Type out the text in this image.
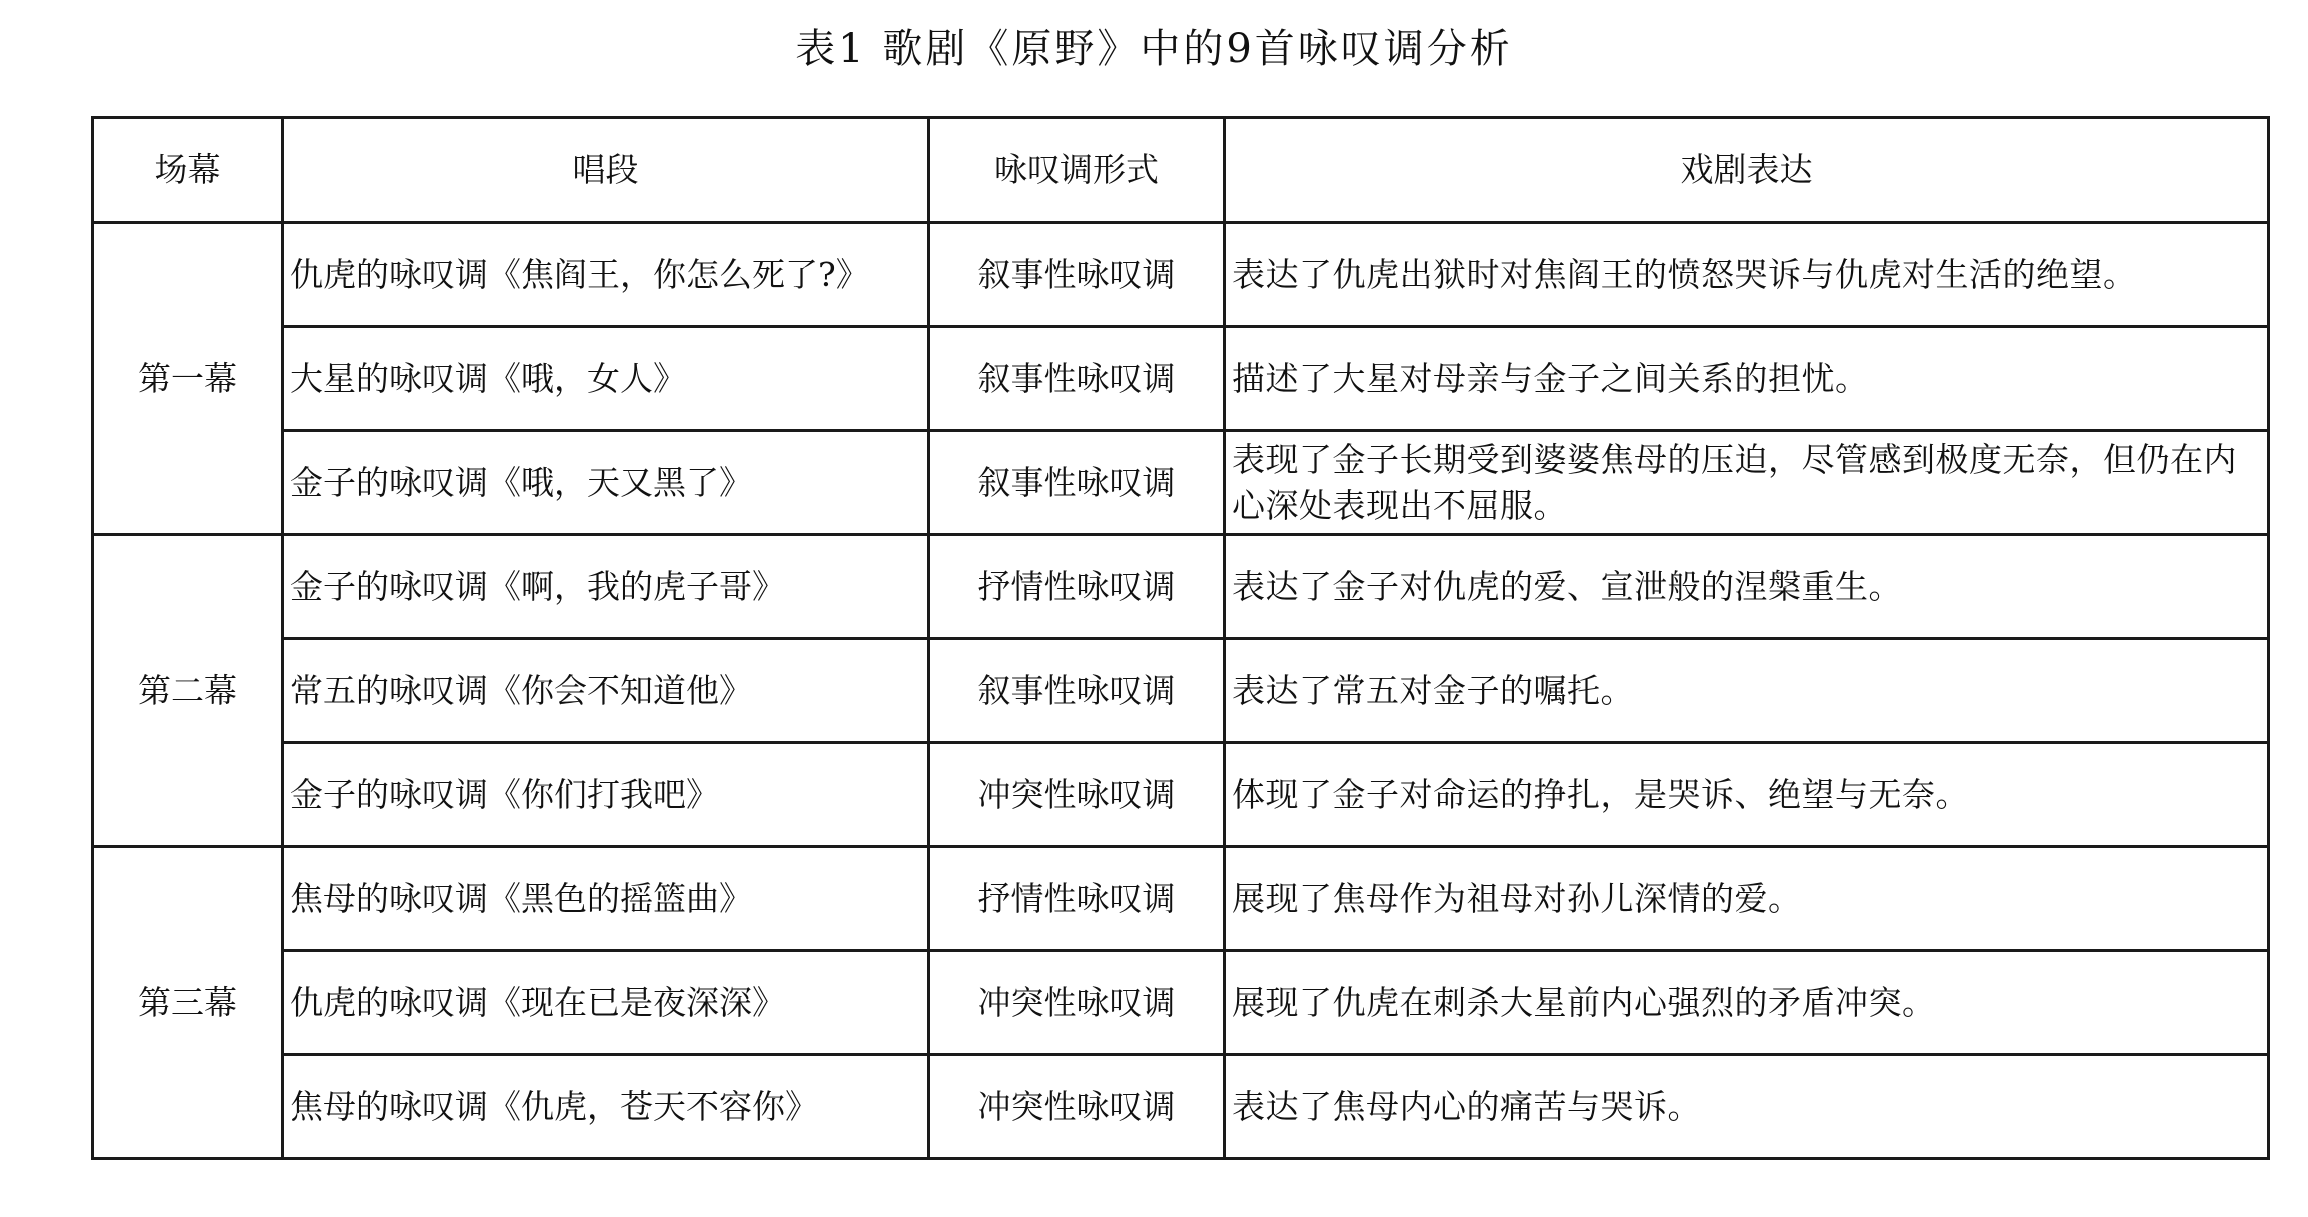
表1 歌剧《原野》中的9首咏叹调分析
场幕	唱段	咏叹调形式	戏剧表达
第一幕	仇虎的咏叹调《焦阎王，你怎么死了?》	叙事性咏叹调	表达了仇虎出狱时对焦阎王的愤怒哭诉与仇虎对生活的绝望。
	大星的咏叹调《哦，女人》	叙事性咏叹调	描述了大星对母亲与金子之间关系的担忧。
	金子的咏叹调《哦，天又黑了》	叙事性咏叹调	表现了金子长期受到婆婆焦母的压迫，尽管感到极度无奈，但仍在内心深处表现出不屈服。
第二幕	金子的咏叹调《啊，我的虎子哥》	抒情性咏叹调	表达了金子对仇虎的爱、宣泄般的涅槃重生。
	常五的咏叹调《你会不知道他》	叙事性咏叹调	表达了常五对金子的嘱托。
	金子的咏叹调《你们打我吧》	冲突性咏叹调	体现了金子对命运的挣扎，是哭诉、绝望与无奈。
第三幕	焦母的咏叹调《黑色的摇篮曲》	抒情性咏叹调	展现了焦母作为祖母对孙儿深情的爱。
	仇虎的咏叹调《现在已是夜深深》	冲突性咏叹调	展现了仇虎在刺杀大星前内心强烈的矛盾冲突。
	焦母的咏叹调《仇虎，苍天不容你》	冲突性咏叹调	表达了焦母内心的痛苦与哭诉。
